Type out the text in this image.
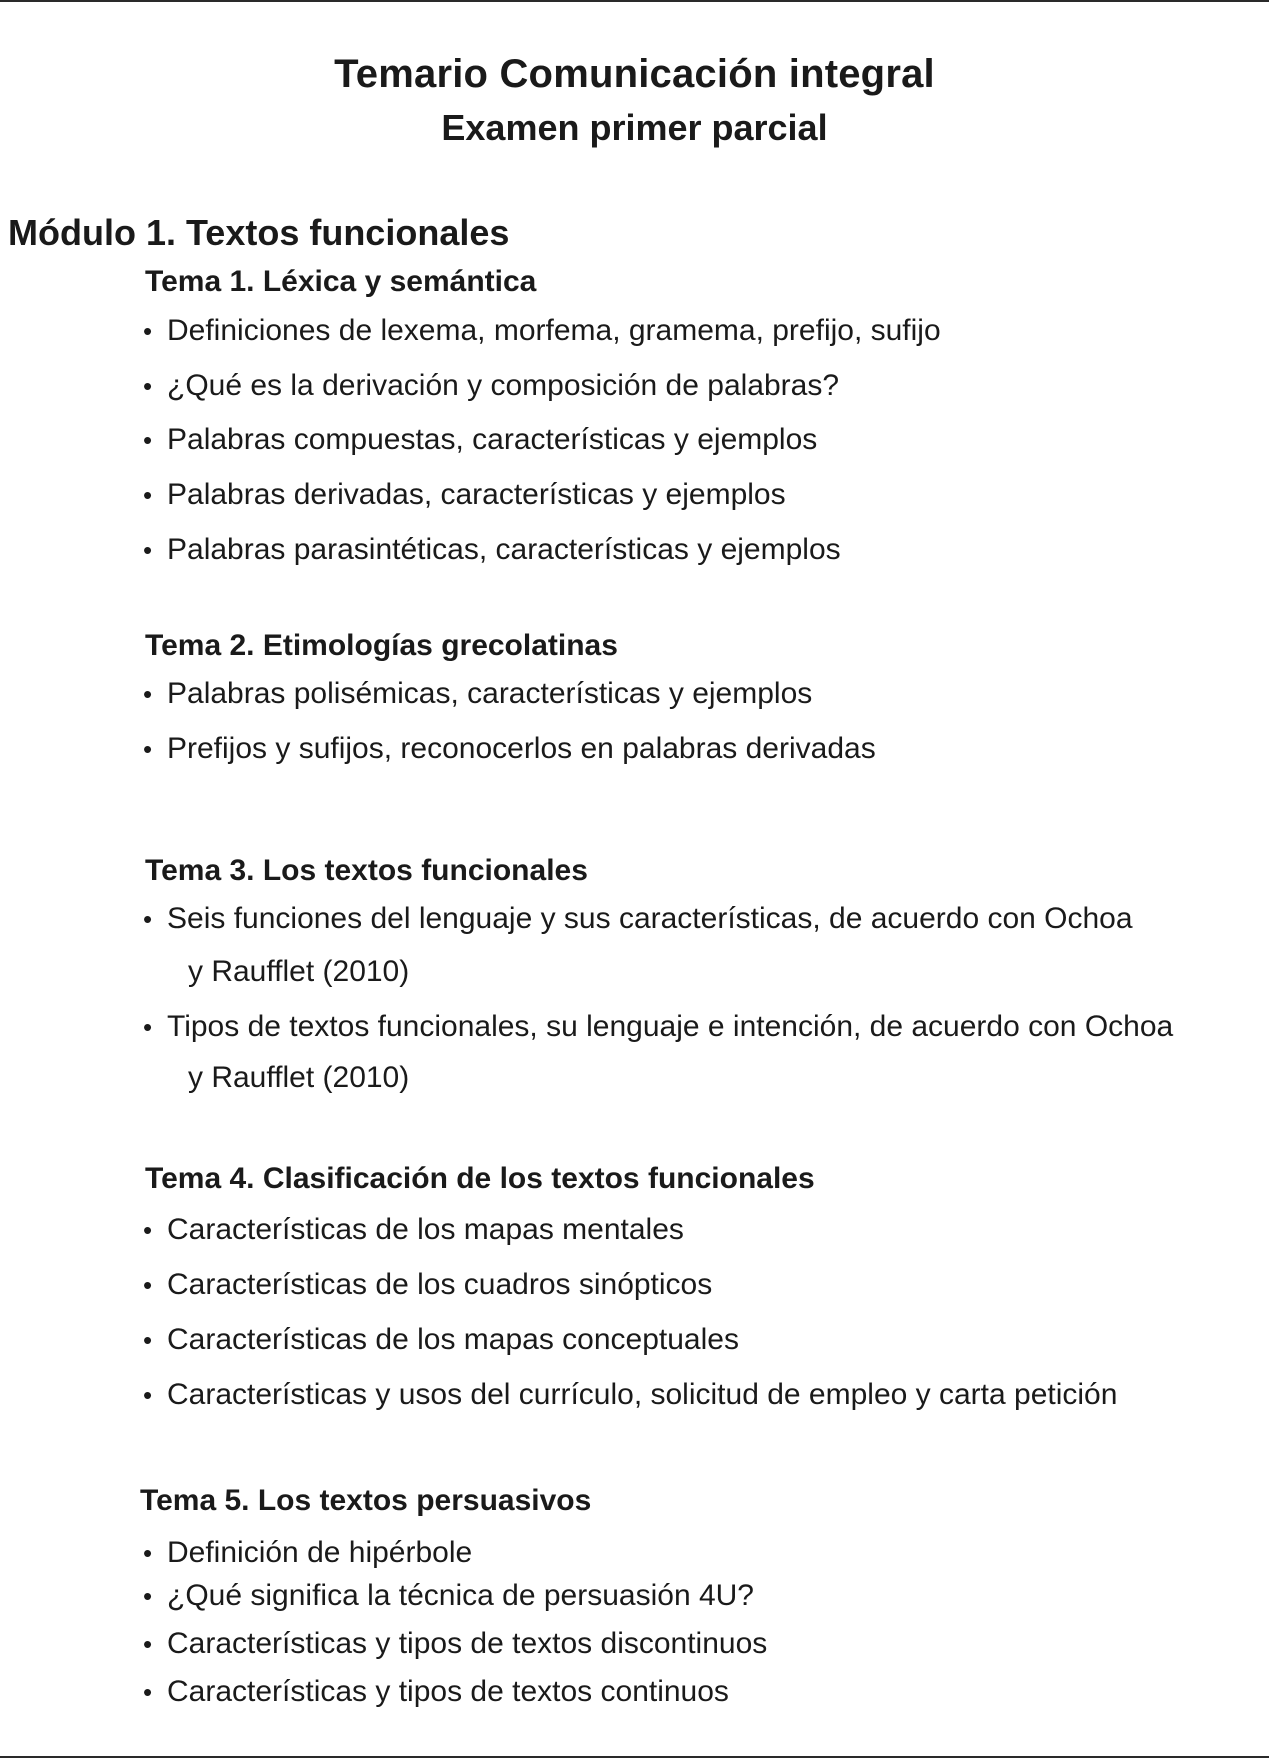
Temario Comunicación integral
Examen primer parcial
Módulo 1. Textos funcionales
Tema 1. Léxica y semántica

• Definiciones de lexema, morfema, gramema, prefijo, sufijo

• ¿Qué es la derivación y composición de palabras?

• Palabras compuestas, características y ejemplos

• Palabras derivadas, características y ejemplos

• Palabras parasintéticas, características y ejemplos

Tema 2. Etimologías grecolatinas

• Palabras polisémicas, características y ejemplos

• Prefijos y sufijos, reconocerlos en palabras derivadas

Tema 3. Los textos funcionales

• Seis funciones del lenguaje y sus características, de acuerdo con Ochoa

y Raufflet (2010)

• Tipos de textos funcionales, su lenguaje e intención, de acuerdo con Ochoa

y Raufflet (2010)

Tema 4. Clasificación de los textos funcionales

• Características de los mapas mentales

• Características de los cuadros sinópticos

• Características de los mapas conceptuales

• Características y usos del currículo, solicitud de empleo y carta petición

Tema 5. Los textos persuasivos

• Definición de hipérbole

• ¿Qué significa la técnica de persuasión 4U?

• Características y tipos de textos discontinuos

• Características y tipos de textos continuos
